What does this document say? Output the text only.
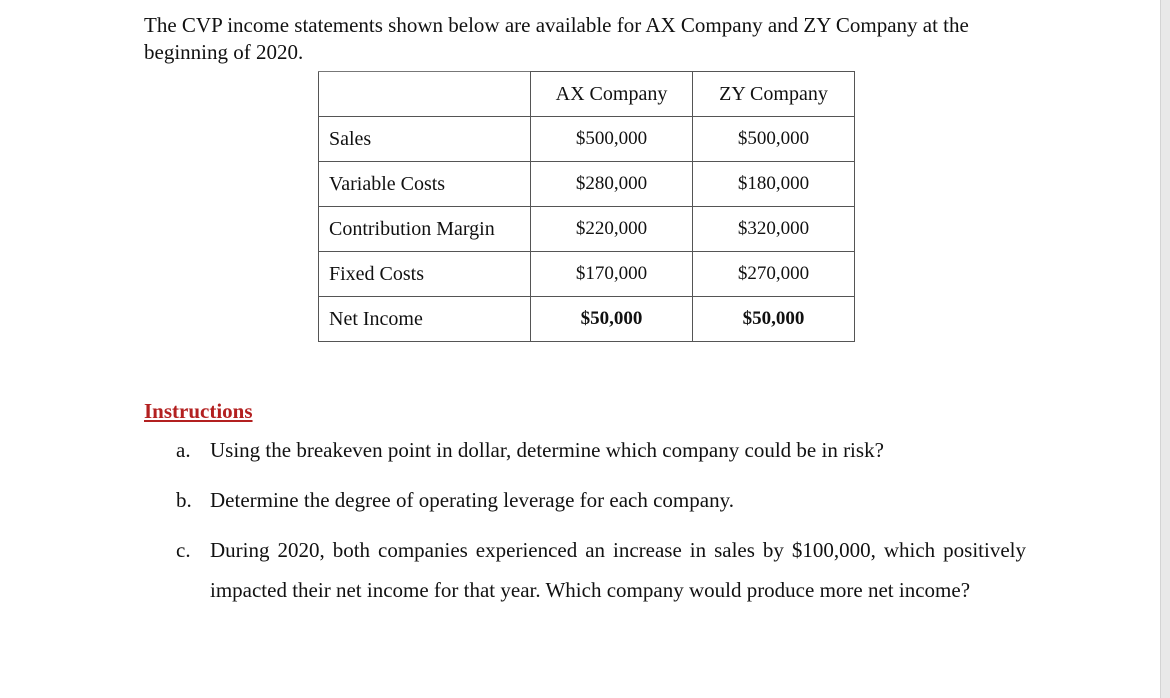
The CVP income statements shown below are available for AX Company and ZY Company at the beginning of 2020.

	AX Company	ZY Company
Sales	$500,000	$500,000
Variable Costs	$280,000	$180,000
Contribution Margin	$220,000	$320,000
Fixed Costs	$170,000	$270,000
Net Income	$50,000	$50,000

Instructions

a. Using the breakeven point in dollar, determine which company could be in risk?
b. Determine the degree of operating leverage for each company.
c. During 2020, both companies experienced an increase in sales by $100,000, which positively impacted their net income for that year. Which company would produce more net income?
